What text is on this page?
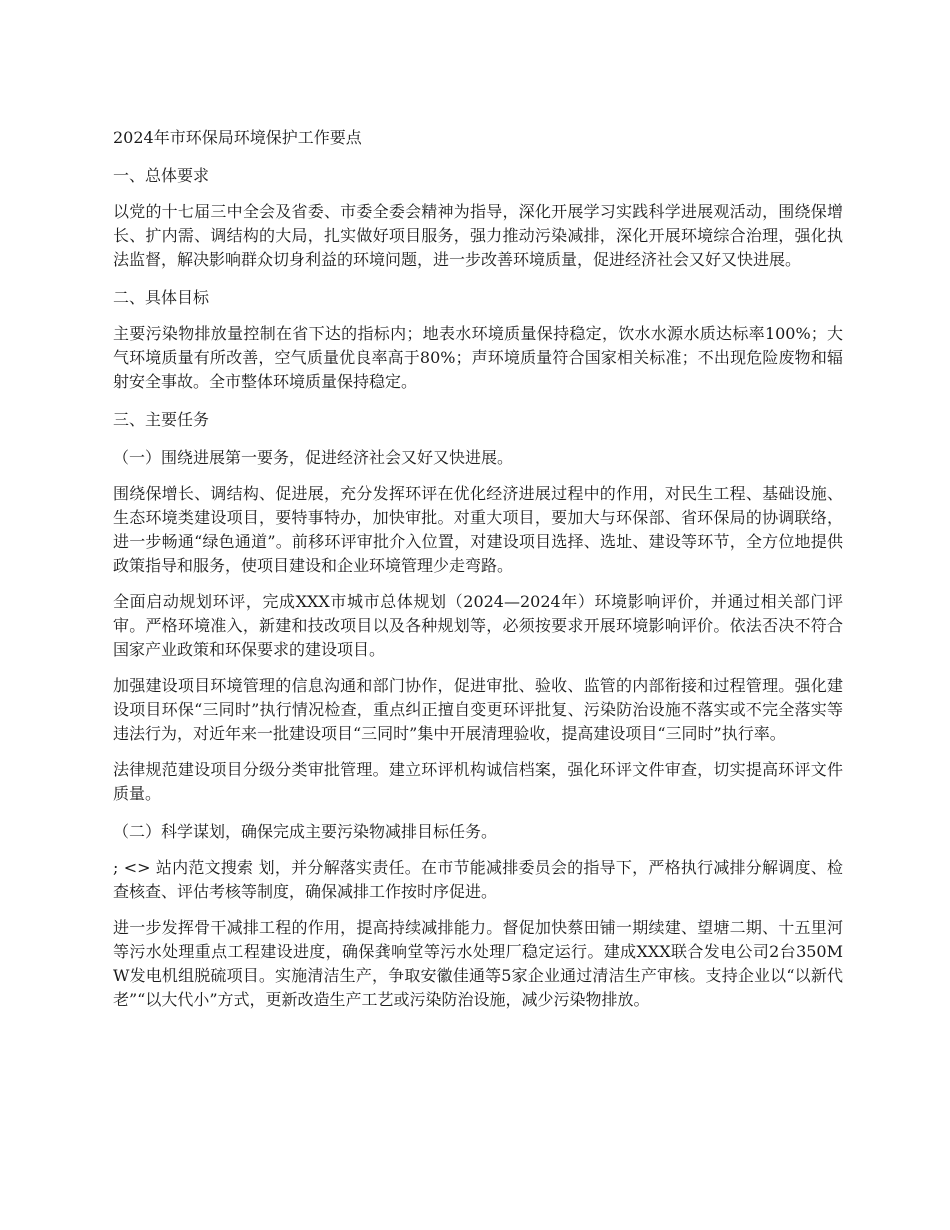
2024年市环保局环境保护工作要点
一、总体要求
以党的十七届三中全会及省委、市委全委会精神为指导，深化开展学习实践科学进展观活动，围绕保增长、扩内需、调结构的大局，扎实做好项目服务，强力推动污染减排，深化开展环境综合治理，强化执法监督，解决影响群众切身利益的环境问题，进一步改善环境质量，促进经济社会又好又快进展。
二、具体目标
主要污染物排放量控制在省下达的指标内；地表水环境质量保持稳定，饮水水源水质达标率100%；大气环境质量有所改善，空气质量优良率高于80%；声环境质量符合国家相关标准；不出现危险废物和辐射安全事故。全市整体环境质量保持稳定。
三、主要任务
（一）围绕进展第一要务，促进经济社会又好又快进展。
围绕保增长、调结构、促进展，充分发挥环评在优化经济进展过程中的作用，对民生工程、基础设施、生态环境类建设项目，要特事特办，加快审批。对重大项目，要加大与环保部、省环保局的协调联络，进一步畅通“绿色通道”。前移环评审批介入位置，对建设项目选择、选址、建设等环节，全方位地提供政策指导和服务，使项目建设和企业环境管理少走弯路。
全面启动规划环评，完成XXX市城市总体规划（2024—2024年）环境影响评价，并通过相关部门评审。严格环境准入，新建和技改项目以及各种规划等，必须按要求开展环境影响评价。依法否决不符合国家产业政策和环保要求的建设项目。
加强建设项目环境管理的信息沟通和部门协作，促进审批、验收、监管的内部衔接和过程管理。强化建设项目环保“三同时”执行情况检查，重点纠正擅自变更环评批复、污染防治设施不落实或不完全落实等违法行为，对近年来一批建设项目“三同时”集中开展清理验收，提高建设项目“三同时”执行率。
法律规范建设项目分级分类审批管理。建立环评机构诚信档案，强化环评文件审查，切实提高环评文件质量。
（二）科学谋划，确保完成主要污染物减排目标任务。
; <> 站内范文搜索 划，并分解落实责任。在市节能减排委员会的指导下，严格执行减排分解调度、检查核查、评估考核等制度，确保减排工作按时序促进。
进一步发挥骨干减排工程的作用，提高持续减排能力。督促加快蔡田铺一期续建、望塘二期、十五里河等污水处理重点工程建设进度，确保龚响堂等污水处理厂稳定运行。建成XXX联合发电公司2台350MW发电机组脱硫项目。实施清洁生产，争取安徽佳通等5家企业通过清洁生产审核。支持企业以“以新代老”“以大代小”方式，更新改造生产工艺或污染防治设施，减少污染物排放。
